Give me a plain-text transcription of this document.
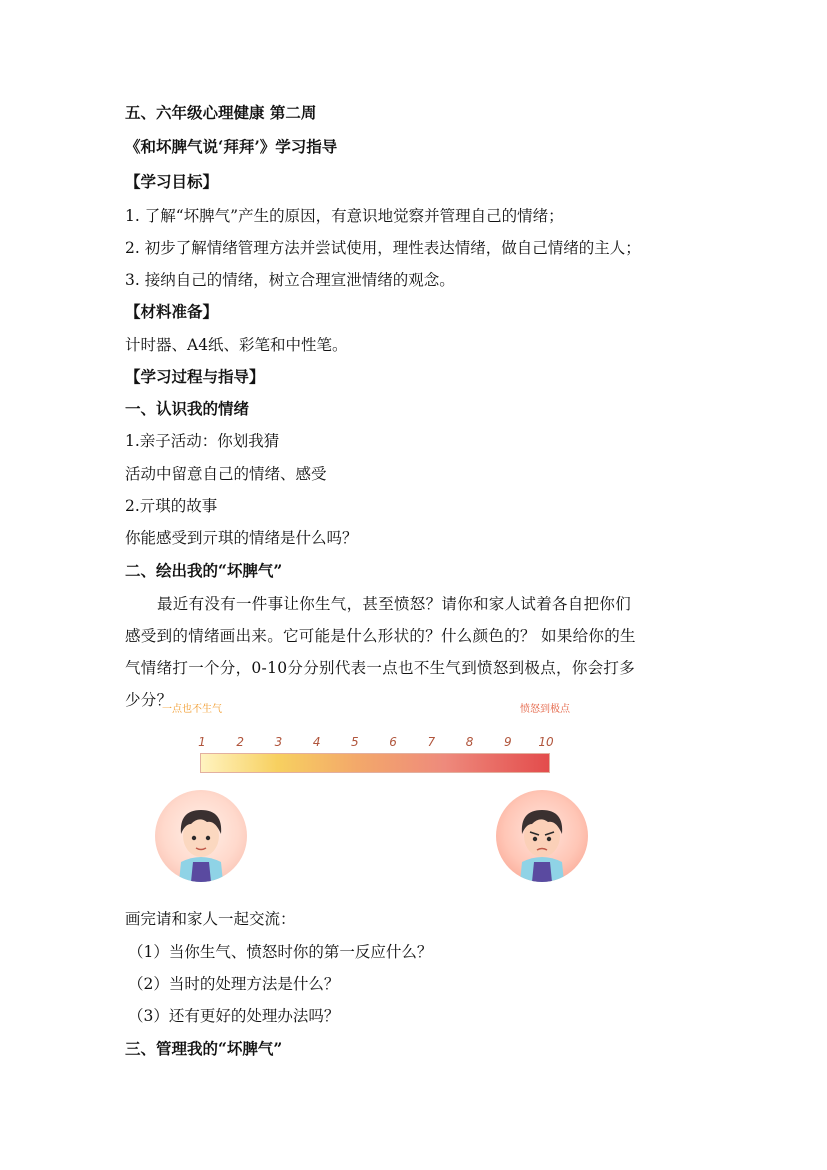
五、六年级心理健康 第二周
《和坏脾气说‘拜拜’》学习指导
【学习目标】
1. 了解“坏脾气”产生的原因，有意识地觉察并管理自己的情绪；
2. 初步了解情绪管理方法并尝试使用，理性表达情绪，做自己情绪的主人；
3. 接纳自己的情绪，树立合理宣泄情绪的观念。
【材料准备】
计时器、A4纸、彩笔和中性笔。
【学习过程与指导】
一、认识我的情绪
1.亲子活动：你划我猜
活动中留意自己的情绪、感受
2.亓琪的故事
你能感受到亓琪的情绪是什么吗？
二、绘出我的“坏脾气”
最近有没有一件事让你生气，甚至愤怒？请你和家人试着各自把你们感受到的情绪画出来。它可能是什么形状的？什么颜色的？ 如果给你的生气情绪打一个分，0-10分分别代表一点也不生气到愤怒到极点，你会打多少分？
一点也不生气	愤怒到极点
1	2	3	4	5	6	7	8	9 10
画完请和家人一起交流：
（1）当你生气、愤怒时你的第一反应什么？
（2）当时的处理方法是什么？
（3）还有更好的处理办法吗？
三、管理我的“坏脾气”
